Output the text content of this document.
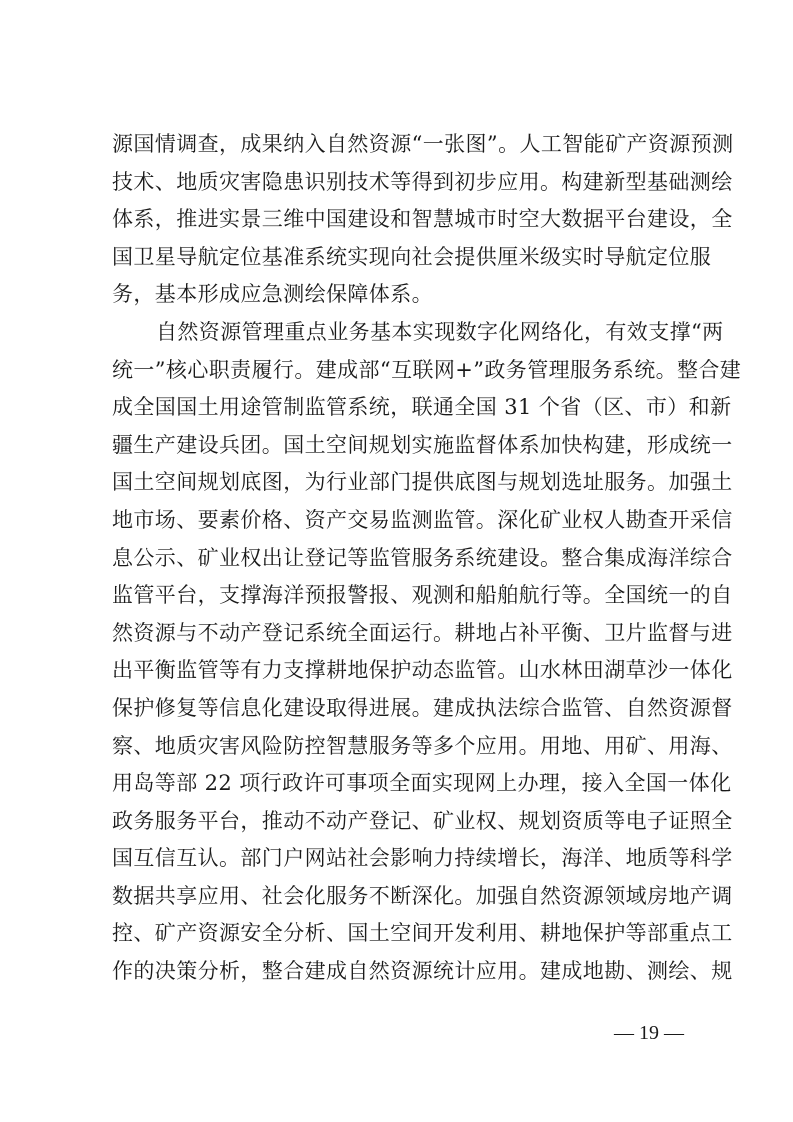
源国情调查，成果纳入自然资源“一张图”。人工智能矿产资源预测
技术、地质灾害隐患识别技术等得到初步应用。构建新型基础测绘
体系，推进实景三维中国建设和智慧城市时空大数据平台建设，全
国卫星导航定位基准系统实现向社会提供厘米级实时导航定位服
务，基本形成应急测绘保障体系。
自然资源管理重点业务基本实现数字化网络化，有效支撑“两
统一”核心职责履行。建成部“互联网+”政务管理服务系统。整合建
成全国国土用途管制监管系统，联通全国 31 个省（区、市）和新
疆生产建设兵团。国土空间规划实施监督体系加快构建，形成统一
国土空间规划底图，为行业部门提供底图与规划选址服务。加强土
地市场、要素价格、资产交易监测监管。深化矿业权人勘查开采信
息公示、矿业权出让登记等监管服务系统建设。整合集成海洋综合
监管平台，支撑海洋预报警报、观测和船舶航行等。全国统一的自
然资源与不动产登记系统全面运行。耕地占补平衡、卫片监督与进
出平衡监管等有力支撑耕地保护动态监管。山水林田湖草沙一体化
保护修复等信息化建设取得进展。建成执法综合监管、自然资源督
察、地质灾害风险防控智慧服务等多个应用。用地、用矿、用海、
用岛等部 22 项行政许可事项全面实现网上办理，接入全国一体化
政务服务平台，推动不动产登记、矿业权、规划资质等电子证照全
国互信互认。部门户网站社会影响力持续增长，海洋、地质等科学
数据共享应用、社会化服务不断深化。加强自然资源领域房地产调
控、矿产资源安全分析、国土空间开发利用、耕地保护等部重点工
作的决策分析，整合建成自然资源统计应用。建成地勘、测绘、规
— 19 —
